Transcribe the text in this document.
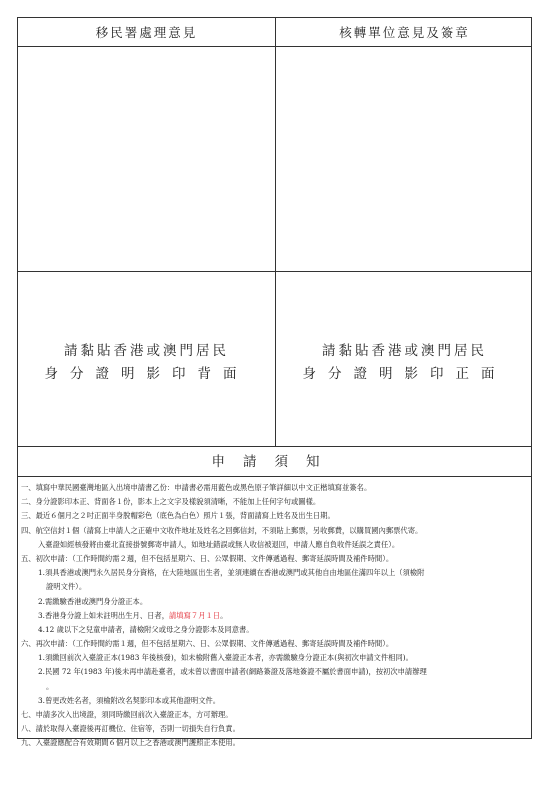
移民署處理意見	核轉單位意見及簽章
請黏貼香港或澳門居民
身分證明影印背面
請黏貼香港或澳門居民
身分證明影印正面
申請須知
一、填寫中華民國臺灣地區入出境申請書乙份：申請書必需用藍色或黑色原子筆詳細以中文正楷填寫並簽名。
二、身分證影印本正、背面各１份，影本上之文字及樣貌須清晰，不能加上任何字句或圖樣。
三、最近６個月之２吋正面半身脫帽彩色（底色為白色）照片１張，背面請寫上姓名及出生日期。
四、航空信封１個（請寫上申請人之正確中文收件地址及姓名之回郵信封，不須貼上郵票，另收郵費，以購買國內郵票代寄。
入臺證如經核發將由臺北直接掛號郵寄申請人，如地址錯誤或無人收信被退回，申請人應自負收件延誤之責任）。
五、初次申請：（工作時間約需２週，但不包括星期六、日、公眾假期、文件傳遞過程、郵寄延誤時間及補件時間）。
1.須具香港或澳門永久居民身分資格，在大陸地區出生者，並須連續在香港或澳門或其他自由地區住滿四年以上（須檢附
證明文件）。
2.需繳驗香港或澳門身分證正本。
3.香港身分證上如未註明出生月、日者，請填寫７月１日。
4.12 歲以下之兒童申請者，請檢附父或母之身分證影本及同意書。
六、再次申請：（工作時間約需１週，但不包括星期六、日、公眾假期、文件傳遞過程、郵寄延誤時間及補件時間）。
1.須繳回前次入臺證正本(1983 年後核發)，如未檢附舊入臺證正本者，亦需繳驗身分證正本(與初次申請文件相同)。
2.民國 72 年(1983 年)後未再申請赴臺者，或未曾以書面申請者(網路簽證及落地簽證不屬於書面申請)，按初次申請辦理
。
3.曾更改姓名者，須檢附改名契影印本或其他證明文件。
七、申請多次入出境證，須同時繳回前次入臺證正本，方可辦理。
八、請於取得入臺證後再訂機位、住宿等，否則一切損失自行負責。
九、入臺證應配合有效期間６個月以上之香港或澳門護照正本使用。
